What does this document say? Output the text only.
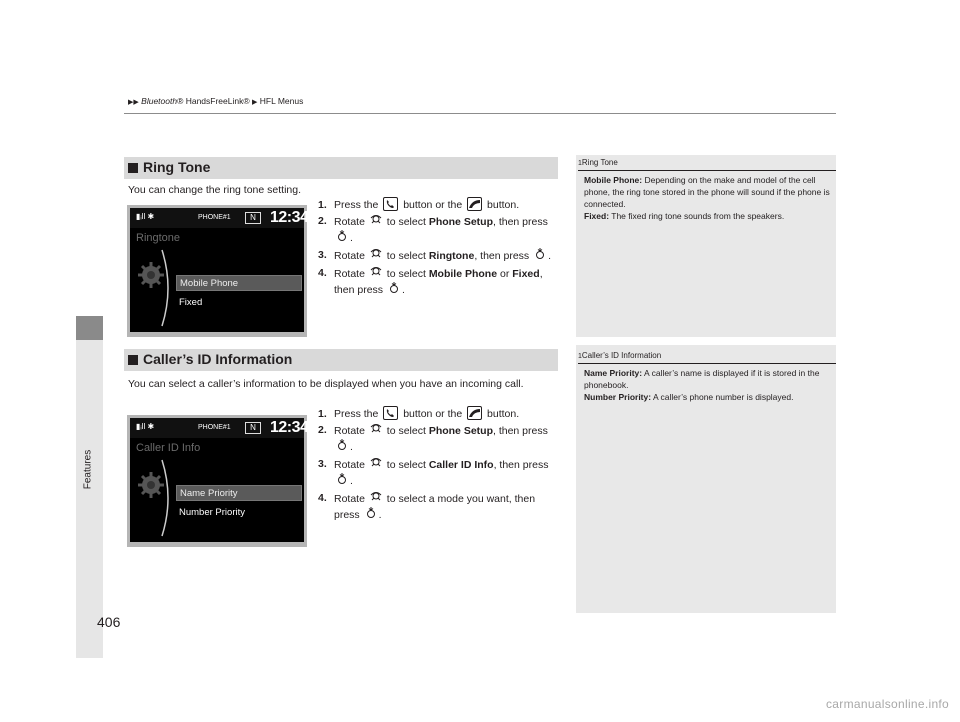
Features
▶▶ Bluetooth® HandsFreeLink® ▶ HFL Menus
Ring Tone
You can change the ring tone setting.
1. Press the button or the button.
2. Rotate to select Phone Setup, then press .
3. Rotate to select Ringtone, then press .
4. Rotate to select Mobile Phone or Fixed, then press .
▮ᵢll ✱	PHONE#1	N 12:34
Ringtone
Mobile Phone
Fixed
1Ring Tone
Mobile Phone: Depending on the make and model of the cell phone, the ring tone stored in the phone will sound if the phone is connected.
Fixed: The fixed ring tone sounds from the speakers.
Caller’s ID Information
You can select a caller’s information to be displayed when you have an incoming call.
1. Press the button or the button.
2. Rotate to select Phone Setup, then press .
3. Rotate to select Caller ID Info, then press .
4. Rotate to select a mode you want, then press .
▮ᵢll ✱	PHONE#1	N 12:34
Caller ID Info
Name Priority
Number Priority
1Caller’s ID Information
Name Priority: A caller’s name is displayed if it is stored in the phonebook.
Number Priority: A caller’s phone number is displayed.
406
carmanualsonline.info
